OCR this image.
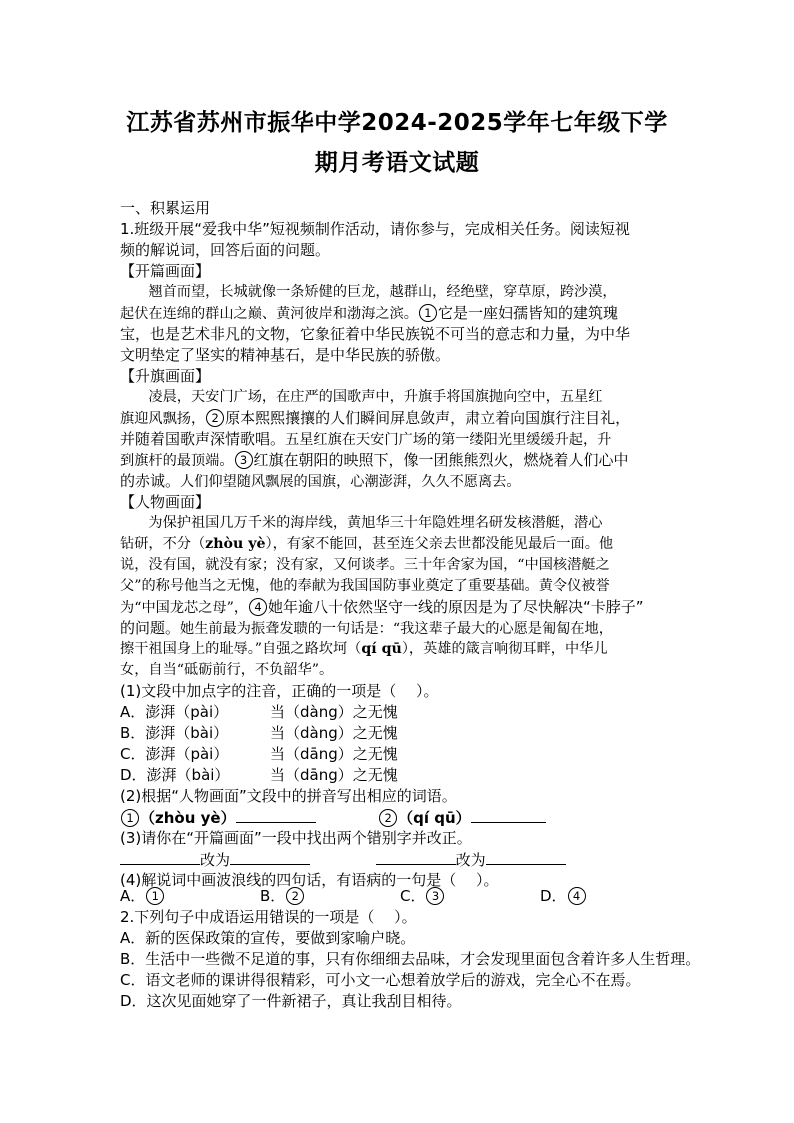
江苏省苏州市振华中学2024-2025学年七年级下学
期月考语文试题
一、积累运用
1.班级开展“爱我中华”短视频制作活动，请你参与，完成相关任务。阅读短视
频的解说词，回答后面的问题。
【开篇画面】
　　翘首而望，长城就像一条矫健的巨龙，越群山，经绝壁，穿草原，跨沙漠，
起伏在连绵的群山之巅、黄河彼岸和渤海之滨。 1 它是一座妇孺皆知的建筑瑰
宝，也是艺术非凡的文物，它象征着中华民族锐不可当的意志和力量，为中华
文明垫定了坚实的精神基石，是中华民族的骄傲。
【升旗画面】
　　凌晨，天安门广场，在庄严的国歌声中，升旗手将国旗抛向空中，五星红
旗迎风飘扬， 2 原本熙熙攘攘的人们瞬间屏息敛声，肃立着向国旗行注目礼，
并随着国歌声深情歌唱。五星红旗在天安门广场的第一缕阳光里缓缓升起，升
到旗杆的最顶端。 3 红旗在朝阳的映照下，像一团熊熊烈火，燃烧着人们心中
的赤诚。人们仰望随风飘展的国旗，心潮澎湃，久久不愿离去。
【人物画面】
　　为保护祖国几万千米的海岸线，黄旭华三十年隐姓埋名研发核潜艇，潜心
钻研，不分（zhòu yè），有家不能回，甚至连父亲去世都没能见最后一面。他
说，没有国，就没有家；没有家，又何谈孝。三十年舍家为国，“中国核潜艇之
父”的称号他当之无愧，他的奉献为我国国防事业奠定了重要基础。黄令仪被誉
为“中国龙芯之母”， 4 她年逾八十依然坚守一线的原因是为了尽快解决“卡脖子”
的问题。她生前最为振聋发聩的一句话是：“我这辈子最大的心愿是匍匐在地，
擦干祖国身上的耻辱。”自强之路坎坷（qí qū），英雄的箴言响彻耳畔，中华儿
女，自当“砥砺前行，不负韶华”。
(1)文段中加点字的注音，正确的一项是（　 ）。
A．澎湃（pài）	当（dàng）之无愧
B．澎湃（bài）	当（dàng）之无愧
C．澎湃（pài）	当（dāng）之无愧
D．澎湃（bài）	当（dāng）之无愧
(2)根据“人物画面”文段中的拼音写出相应的词语。
1 （zhòu yè）	2 （qí qū）
(3)请你在“开篇画面”一段中找出两个错别字并改正。
改为	改为
(4)解说词中画波浪线的四句话，有语病的一句是（　 ）。
A． 1	B． 2	C． 3	D． 4
2.下列句子中成语运用错误的一项是（　 ）。
A．新的医保政策的宣传，要做到家喻户晓。
B．生活中一些微不足道的事，只有你细细去品味，才会发现里面包含着许多人生哲理。
C．语文老师的课讲得很精彩，可小文一心想着放学后的游戏，完全心不在焉。
D．这次见面她穿了一件新裙子，真让我刮目相待。
